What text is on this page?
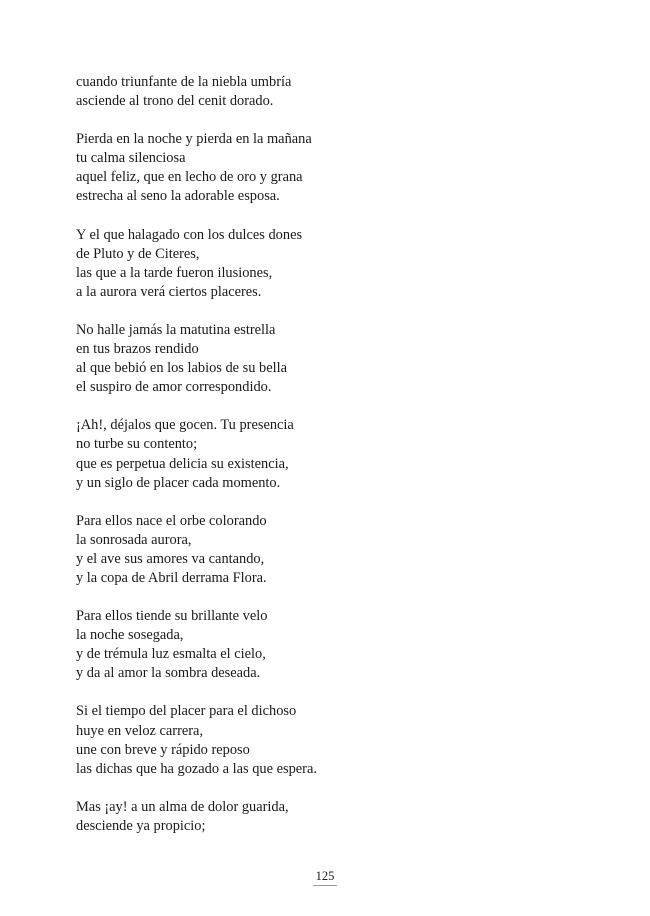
cuando triunfante de la niebla umbría
asciende al trono del cenit dorado.
Pierda en la noche y pierda en la mañana
tu calma silenciosa
aquel feliz, que en lecho de oro y grana
estrecha al seno la adorable esposa.
Y el que halagado con los dulces dones
de Pluto y de Citeres,
las que a la tarde fueron ilusiones,
a la aurora verá ciertos placeres.
No halle jamás la matutina estrella
en tus brazos rendido
al que bebió en los labios de su bella
el suspiro de amor correspondido.
¡Ah!, déjalos que gocen. Tu presencia
no turbe su contento;
que es perpetua delicia su existencia,
y un siglo de placer cada momento.
Para ellos nace el orbe colorando
la sonrosada aurora,
y el ave sus amores va cantando,
y la copa de Abril derrama Flora.
Para ellos tiende su brillante velo
la noche sosegada,
y de trémula luz esmalta el cielo,
y da al amor la sombra deseada.
Si el tiempo del placer para el dichoso
huye en veloz carrera,
une con breve y rápido reposo
las dichas que ha gozado a las que espera.
Mas ¡ay! a un alma de dolor guarida,
desciende ya propicio;
125
